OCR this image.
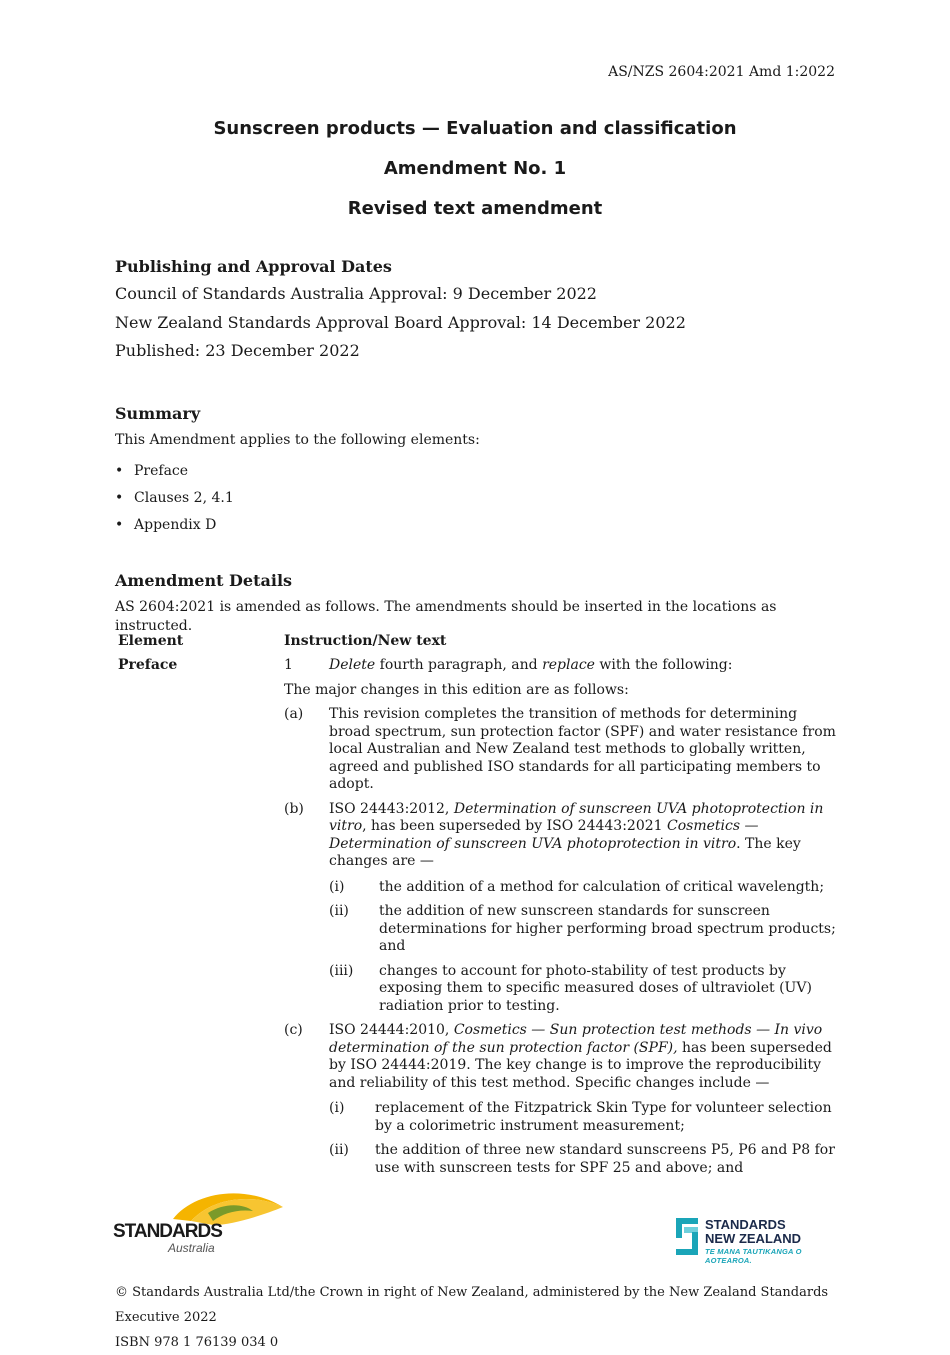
AS/NZS 2604:2021 Amd 1:2022
Sunscreen products — Evaluation and classification
Amendment No. 1
Revised text amendment
Publishing and Approval Dates

Council of Standards Australia Approval: 9 December 2022

New Zealand Standards Approval Board Approval: 14 December 2022

Published: 23 December 2022

Summary

This Amendment applies to the following elements:

• Preface
• Clauses 2, 4.1
• Appendix D
Amendment Details

AS 2604:2021 is amended as follows. The amendments should be inserted in the locations as instructed.

Element	Instruction/New text
Preface	1	Delete fourth paragraph, and replace with the following:
The major changes in this edition are as follows:
(a) This revision completes the transition of methods for determining broad spectrum, sun protection factor (SPF) and water resistance from local Australian and New Zealand test methods to globally written, agreed and published ISO standards for all participating members to adopt.
(b) ISO 24443:2012, Determination of sunscreen UVA photoprotection in vitro, has been superseded by ISO 24443:2021 Cosmetics — Determination of sunscreen UVA photoprotection in vitro. The key changes are —
(i) the addition of a method for calculation of critical wavelength;
(ii) the addition of new sunscreen standards for sunscreen determinations for higher performing broad spectrum products; and
(iii) changes to account for photo-stability of test products by exposing them to specific measured doses of ultraviolet (UV) radiation prior to testing.
(c) ISO 24444:2010, Cosmetics — Sun protection test methods — In vivo determination of the sun protection factor (SPF), has been superseded by ISO 24444:2019. The key change is to improve the reproducibility and reliability of this test method. Specific changes include —
(i) replacement of the Fitzpatrick Skin Type for volunteer selection by a colorimetric instrument measurement;
(ii) the addition of three new standard sunscreens P5, P6 and P8 for use with sunscreen tests for SPF 25 and above; and
STANDARDS
Australia
STANDARDS
NEW ZEALAND
TE MANA TAUTIKANGA O AOTEAROA.
© Standards Australia Ltd/the Crown in right of New Zealand, administered by the New Zealand Standards Executive 2022
ISBN 978 1 76139 034 0
